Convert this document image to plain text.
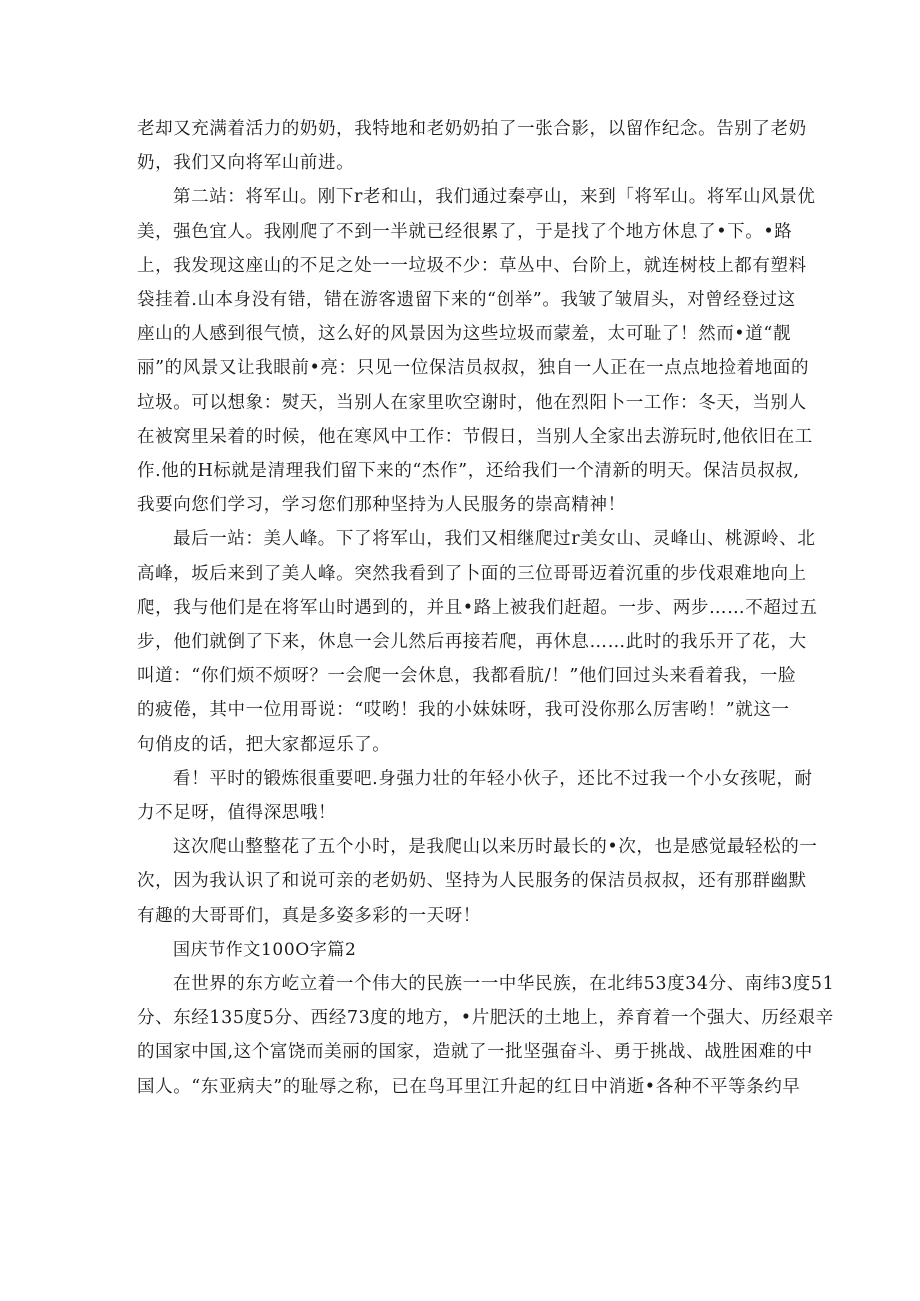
老却又充满着活力的奶奶，我特地和老奶奶拍了一张合影，以留作纪念。告别了老奶
奶，我们又向将军山前进。
第二站：将军山。刚下r老和山，我们通过秦亭山，来到「将军山。将军山风景优
美，强色宜人。我刚爬了不到一半就已经很累了，于是找了个地方休息了•下。•路
上，我发现这座山的不足之处一一垃圾不少：草丛中、台阶上，就连树枝上都有塑料
袋挂着.山本身没有错，错在游客遗留下来的“创举”。我皱了皱眉头，对曾经登过这
座山的人感到很气愤，这么好的风景因为这些垃圾而蒙羞，太可耻了！然而•道“靓
丽”的风景又让我眼前•亮：只见一位保洁员叔叔，独自一人正在一点点地捡着地面的
垃圾。可以想象：熨天，当别人在家里吹空谢时，他在烈阳卜一工作：冬天，当别人
在被窝里呆着的时候，他在寒风中工作：节假日，当别人全家出去游玩时,他依旧在工
作.他的H标就是清理我们留下来的“杰作”，还给我们一个清新的明天。保洁员叔叔,
我要向您们学习，学习您们那种坚持为人民服务的崇高精神！
最后一站：美人峰。下了将军山，我们又相继爬过r美女山、灵峰山、桃源岭、北
高峰，坂后来到了美人峰。突然我看到了卜面的三位哥哥迈着沉重的步伐艰难地向上
爬，我与他们是在将军山时遇到的，并且•路上被我们赶超。一步、两步……不超过五
步，他们就倒了下来，休息一会儿然后再接若爬，再休息……此时的我乐开了花，大
叫道：“你们烦不烦呀？一会爬一会休息，我都看肮/！”他们回过头来看着我，一脸
的疲倦，其中一位用哥说：“哎哟！我的小妹妹呀，我可没你那么厉害哟！”就这一
句俏皮的话，把大家都逗乐了。
看！平时的锻炼很重要吧.身强力壮的年轻小伙子，还比不过我一个小女孩呢，耐
力不足呀，值得深思哦！
这次爬山整整花了五个小时，是我爬山以来历时最长的•次，也是感觉最轻松的一
次，因为我认识了和说可亲的老奶奶、坚持为人民服务的保洁员叔叔，还有那群幽默
有趣的大哥哥们，真是多姿多彩的一天呀！
国庆节作文100O字篇2
在世界的东方屹立着一个伟大的民族一一中华民族，在北纬53度34分、南纬3度51
分、东经135度5分、西经73度的地方，•片肥沃的土地上，养育着一个强大、历经艰辛
的国家中国,这个富饶而美丽的国家，造就了一批坚强奋斗、勇于挑战、战胜困难的中
国人。“东亚病夫”的耻辱之称，已在鸟耳里江升起的红日中消逝•各种不平等条约早
